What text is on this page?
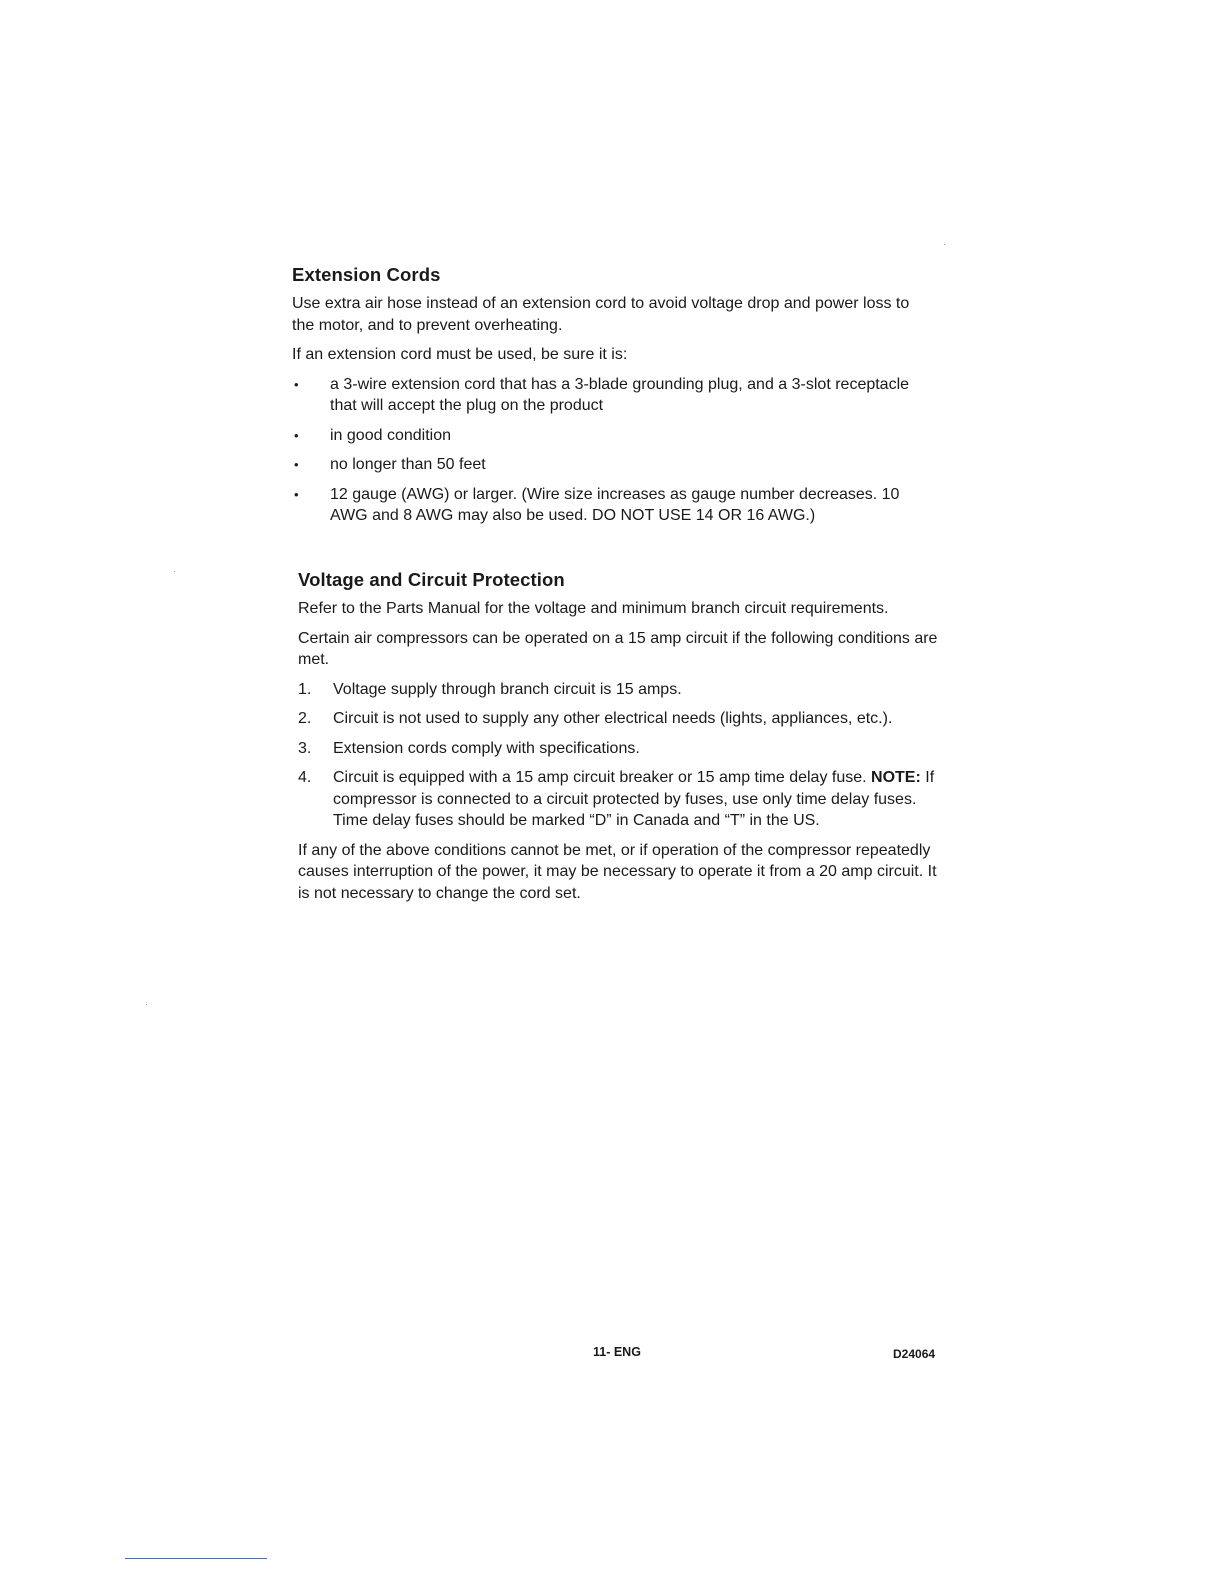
Extension Cords

Use extra air hose instead of an extension cord to avoid voltage drop and power loss to the motor, and to prevent overheating.

If an extension cord must be used, be sure it is:

• a 3-wire extension cord that has a 3-blade grounding plug, and a 3-slot receptacle that will accept the plug on the product
• in good condition
• no longer than 50 feet
• 12 gauge (AWG) or larger. (Wire size increases as gauge number decreases. 10 AWG and 8 AWG may also be used. DO NOT USE 14 OR 16 AWG.)
Voltage and Circuit Protection

Refer to the Parts Manual for the voltage and minimum branch circuit requirements.

Certain air compressors can be operated on a 15 amp circuit if the following conditions are met.

1. Voltage supply through branch circuit is 15 amps.
2. Circuit is not used to supply any other electrical needs (lights, appliances, etc.).
3. Extension cords comply with specifications.
4. Circuit is equipped with a 15 amp circuit breaker or 15 amp time delay fuse. NOTE: If compressor is connected to a circuit protected by fuses, use only time delay fuses. Time delay fuses should be marked “D” in Canada and “T” in the US.

If any of the above conditions cannot be met, or if operation of the compressor repeatedly causes interruption of the power, it may be necessary to operate it from a 20 amp circuit. It is not necessary to change the cord set.

11- ENG	D24064
